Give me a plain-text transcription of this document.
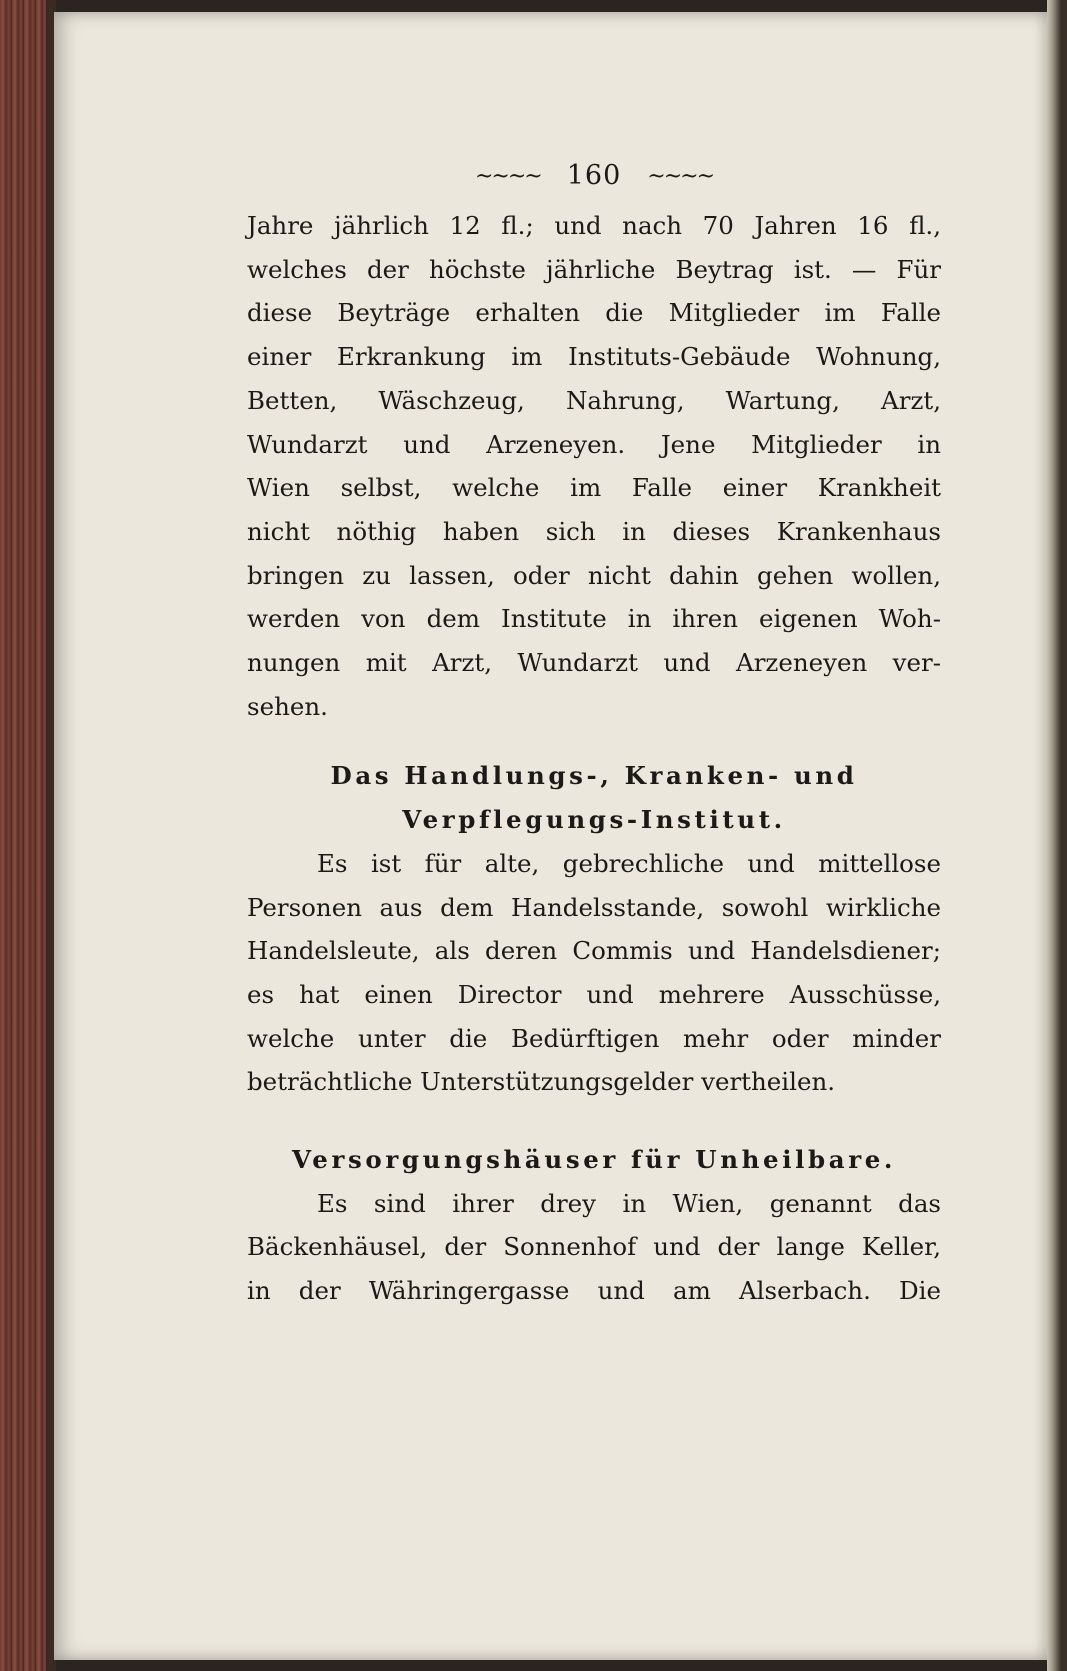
~~~~ 160 ~~~~
Jahre jährlich 12 fl.; und nach 70 Jahren 16 fl.,
welches der höchste jährliche Beytrag ist. — Für
diese Beyträge erhalten die Mitglieder im Falle
einer Erkrankung im Instituts-Gebäude Wohnung,
Betten, Wäschzeug, Nahrung, Wartung, Arzt,
Wundarzt und Arzeneyen. Jene Mitglieder in
Wien selbst, welche im Falle einer Krankheit
nicht nöthig haben sich in dieses Krankenhaus
bringen zu lassen, oder nicht dahin gehen wollen,
werden von dem Institute in ihren eigenen Woh-
nungen mit Arzt, Wundarzt und Arzeneyen ver-
sehen.
Das Handlungs-, Kranken- und
Verpflegungs-Institut.
Es ist für alte, gebrechliche und mittellose
Personen aus dem Handelsstande, sowohl wirkliche
Handelsleute, als deren Commis und Handelsdiener;
es hat einen Director und mehrere Ausschüsse,
welche unter die Bedürftigen mehr oder minder
beträchtliche Unterstützungsgelder vertheilen.
Versorgungshäuser für Unheilbare.
Es sind ihrer drey in Wien, genannt das
Bäckenhäusel, der Sonnenhof und der lange Keller,
in der Währingergasse und am Alserbach. Die
